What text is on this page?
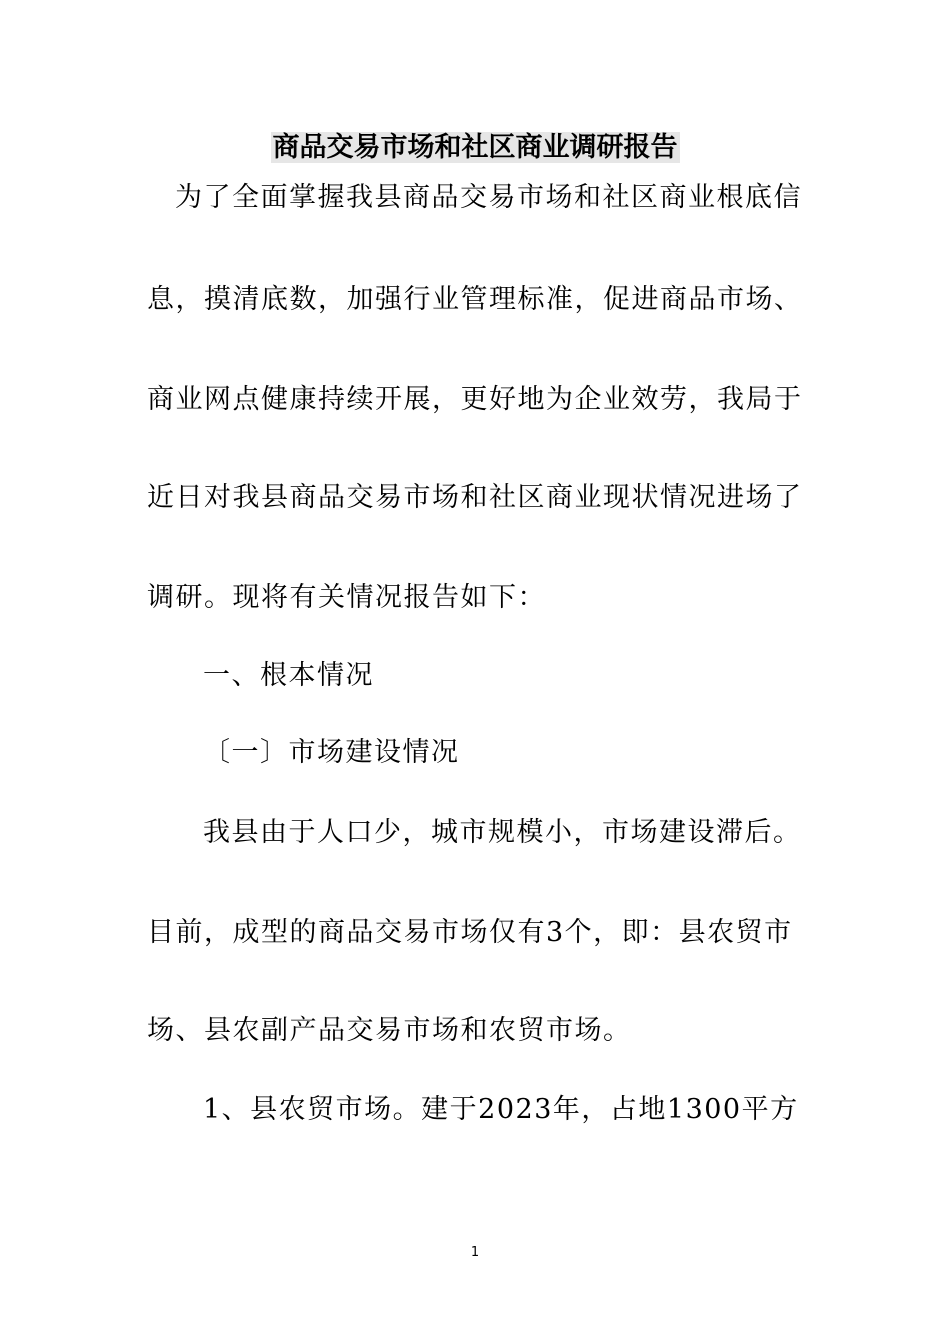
商品交易市场和社区商业调研报告
为了全面掌握我县商品交易市场和社区商业根底信
息，摸清底数，加强行业管理标准，促进商品市场、
商业网点健康持续开展，更好地为企业效劳，我局于
近日对我县商品交易市场和社区商业现状情况进场了
调研。现将有关情况报告如下：
一、根本情况
〔一〕市场建设情况
我县由于人口少，城市规模小，市场建设滞后。
目前，成型的商品交易市场仅有3个，即：县农贸市
场、县农副产品交易市场和农贸市场。
1、县农贸市场。建于2023年，占地1300平方
1
